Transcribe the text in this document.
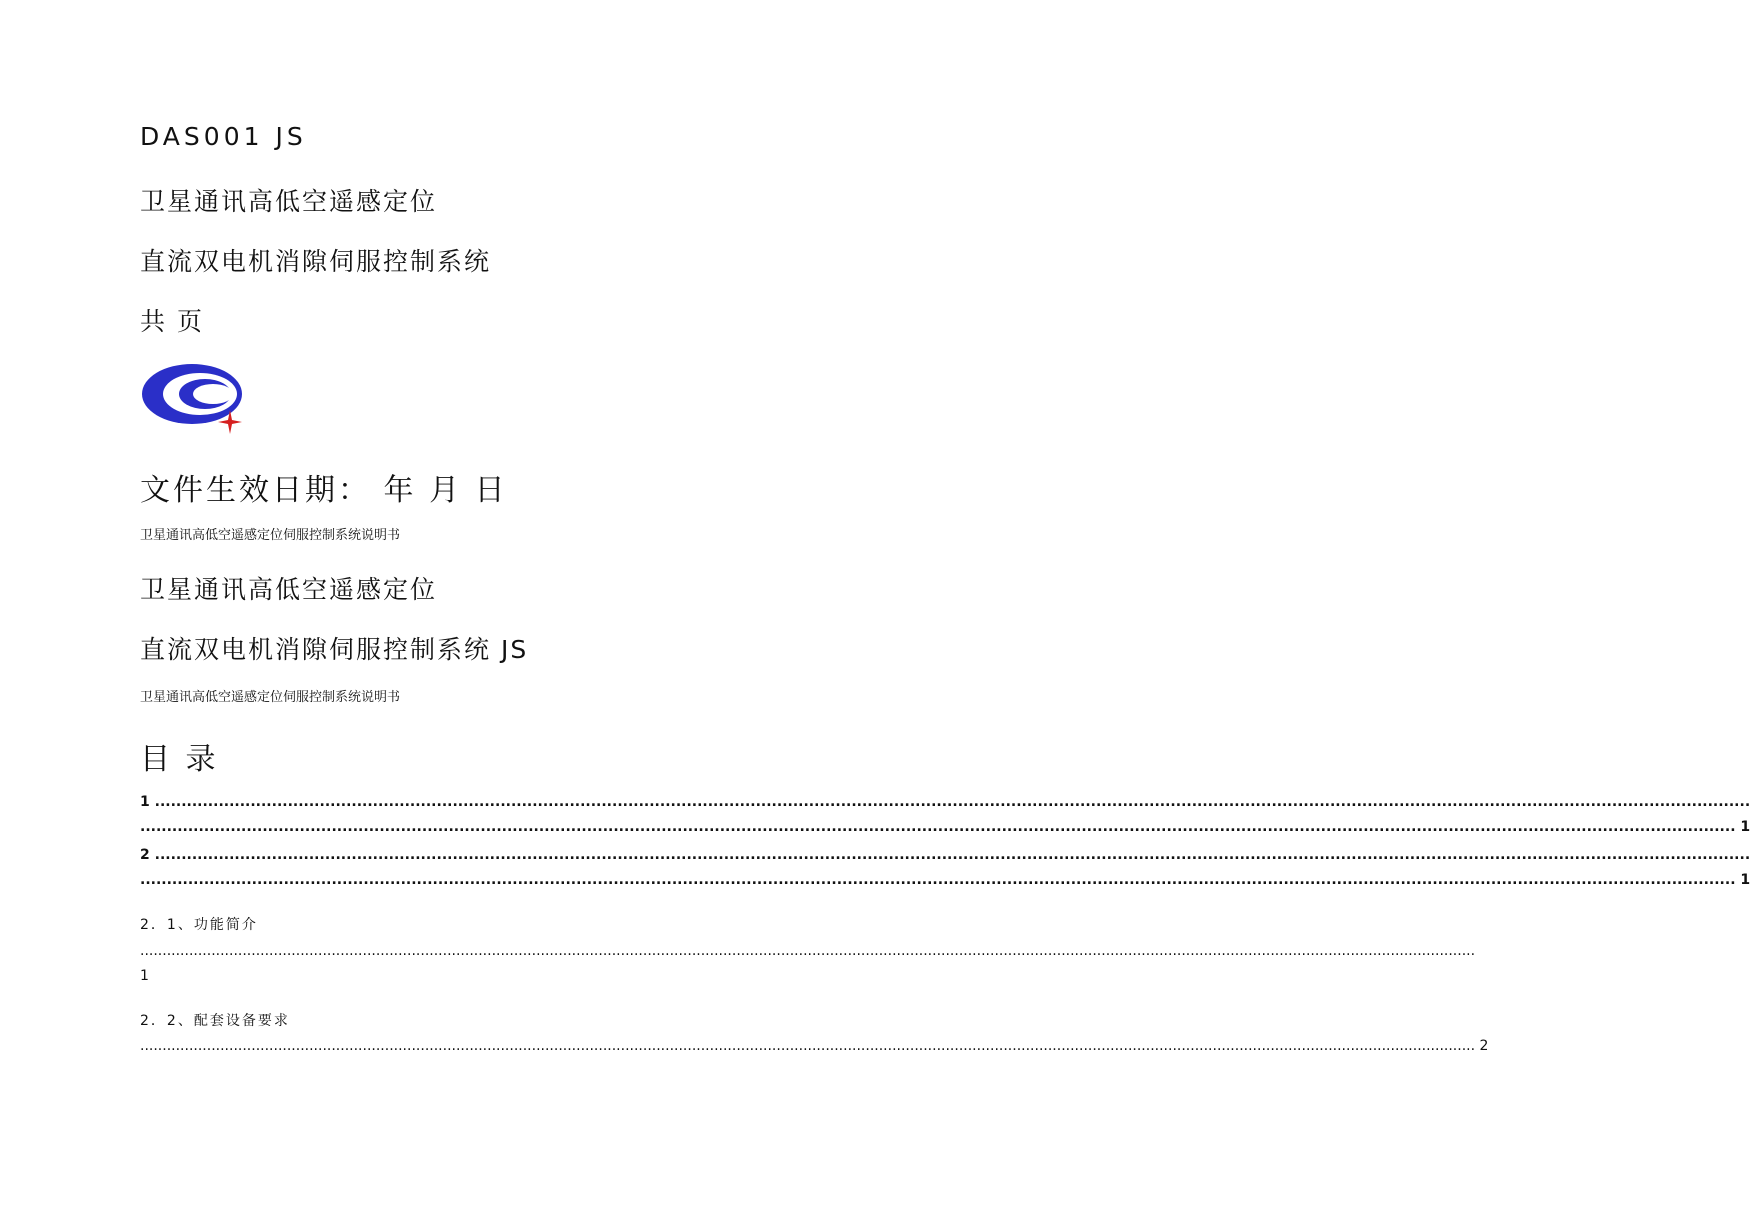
DAS001 JS
卫星通讯高低空遥感定位
直流双电机消隙伺服控制系统
共 页
文件生效日期： 年 月 日
卫星通讯高低空遥感定位伺服控制系统说明书
卫星通讯高低空遥感定位
直流双电机消隙伺服控制系统 JS
卫星通讯高低空遥感定位伺服控制系统说明书
目 录
1 ............................................................................................................................................................................................................................................................................................................
............................................................................................................................................................................................................................................................................................................ 1
2 ............................................................................................................................................................................................................................................................................................................
............................................................................................................................................................................................................................................................................................................ 1
2．1、功能简介
............................................................................................................................................................................................................................................................................................................
1
2．2、配套设备要求
............................................................................................................................................................................................................................................................................................................ 2
